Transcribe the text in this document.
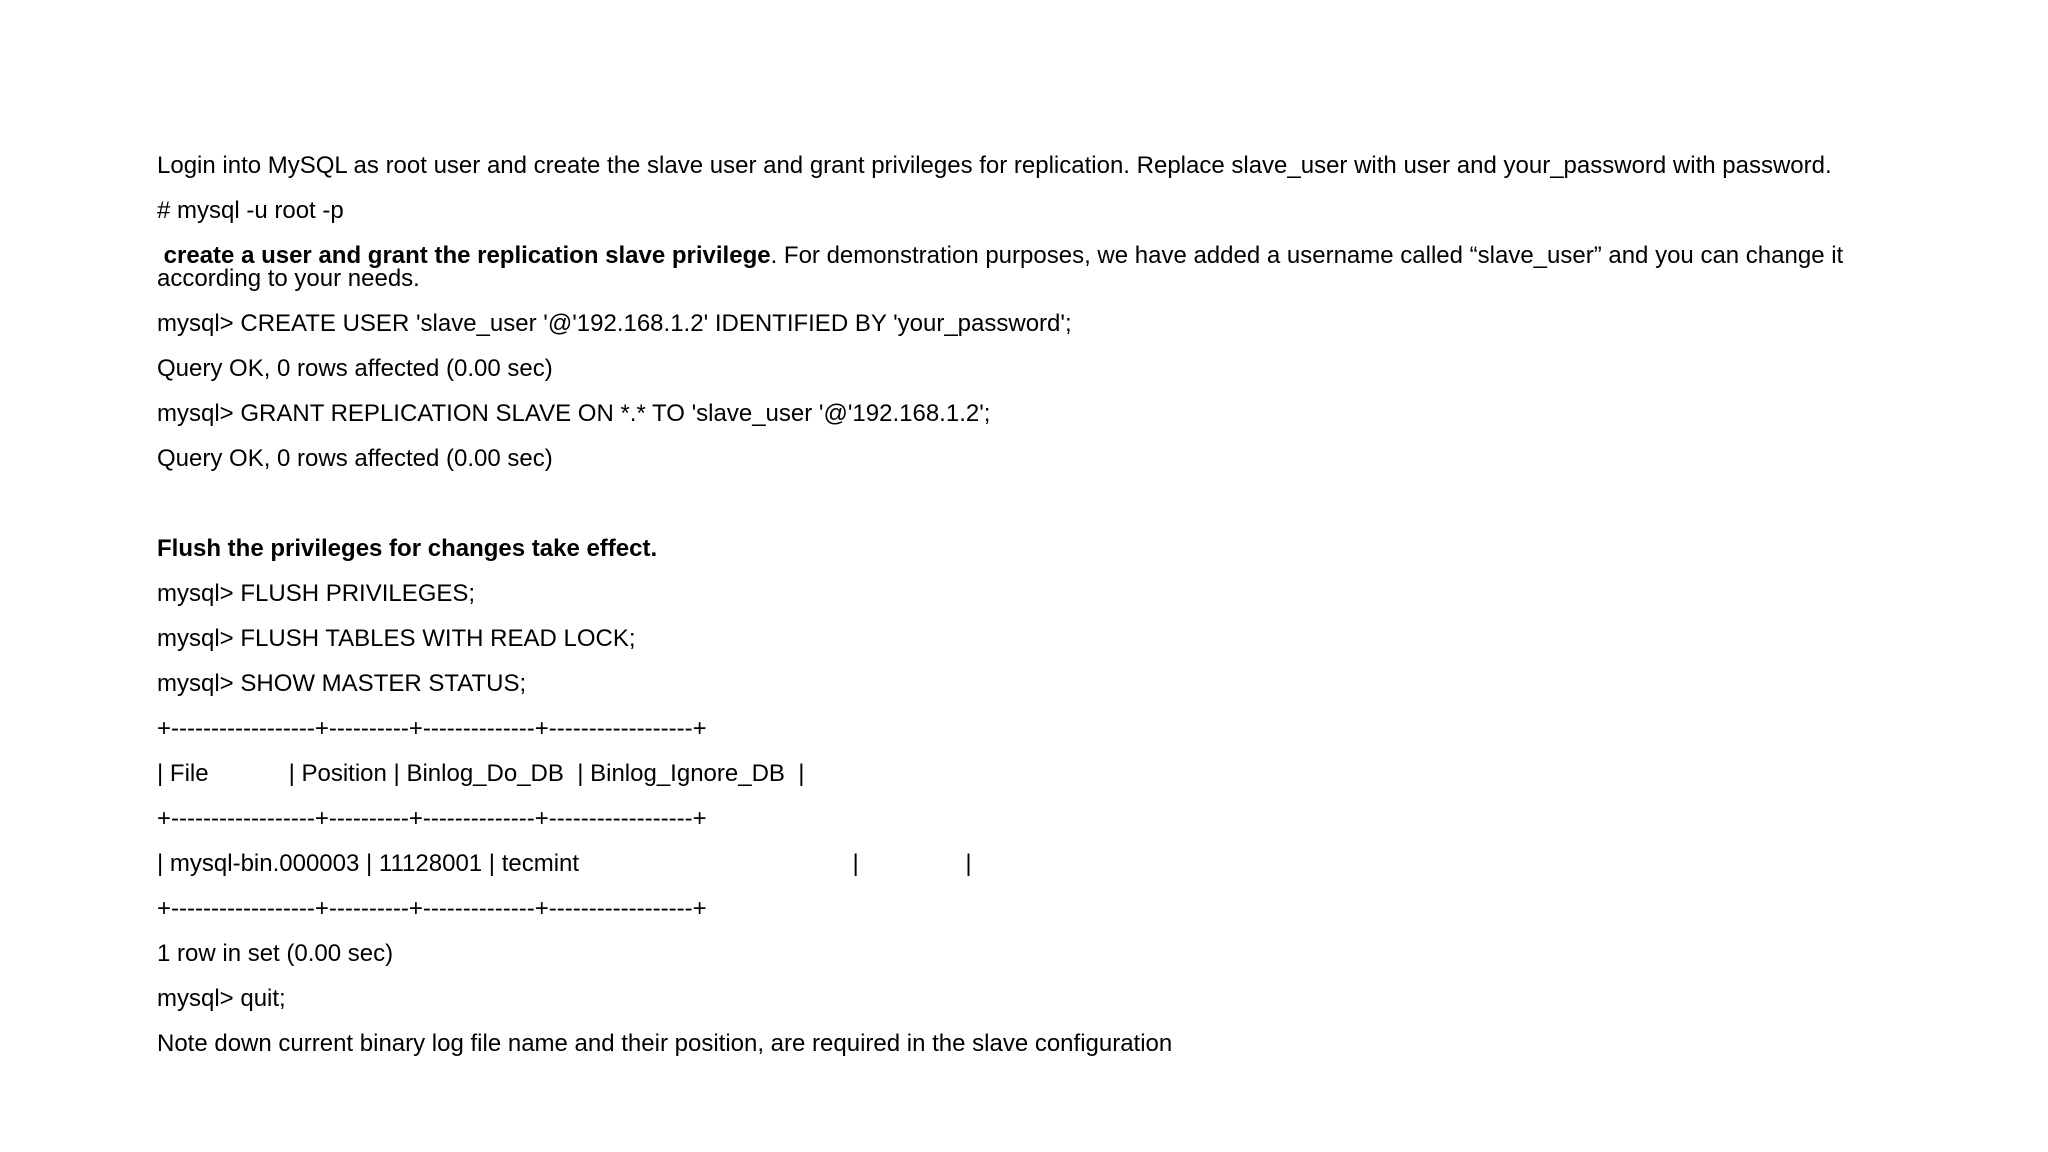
Login into MySQL as root user and create the slave user and grant privileges for replication. Replace slave_user with user and your_password with password.

# mysql -u root -p

create a user and grant the replication slave privilege. For demonstration purposes, we have added a username called “slave_user” and you can change it according to your needs.

mysql> CREATE USER 'slave_user '@'192.168.1.2' IDENTIFIED BY 'your_password';

Query OK, 0 rows affected (0.00 sec)

mysql> GRANT REPLICATION SLAVE ON *.* TO 'slave_user '@'192.168.1.2';

Query OK, 0 rows affected (0.00 sec)

Flush the privileges for changes take effect.

mysql> FLUSH PRIVILEGES;

mysql> FLUSH TABLES WITH READ LOCK;

mysql> SHOW MASTER STATUS;

+------------------+----------+--------------+------------------+

| File            | Position | Binlog_Do_DB  | Binlog_Ignore_DB  |

+------------------+----------+--------------+------------------+

| mysql-bin.000003 | 11128001 | tecmint                                         |                |

+------------------+----------+--------------+------------------+

1 row in set (0.00 sec)

mysql> quit;

Note down current binary log file name and their position, are required in the slave configuration
